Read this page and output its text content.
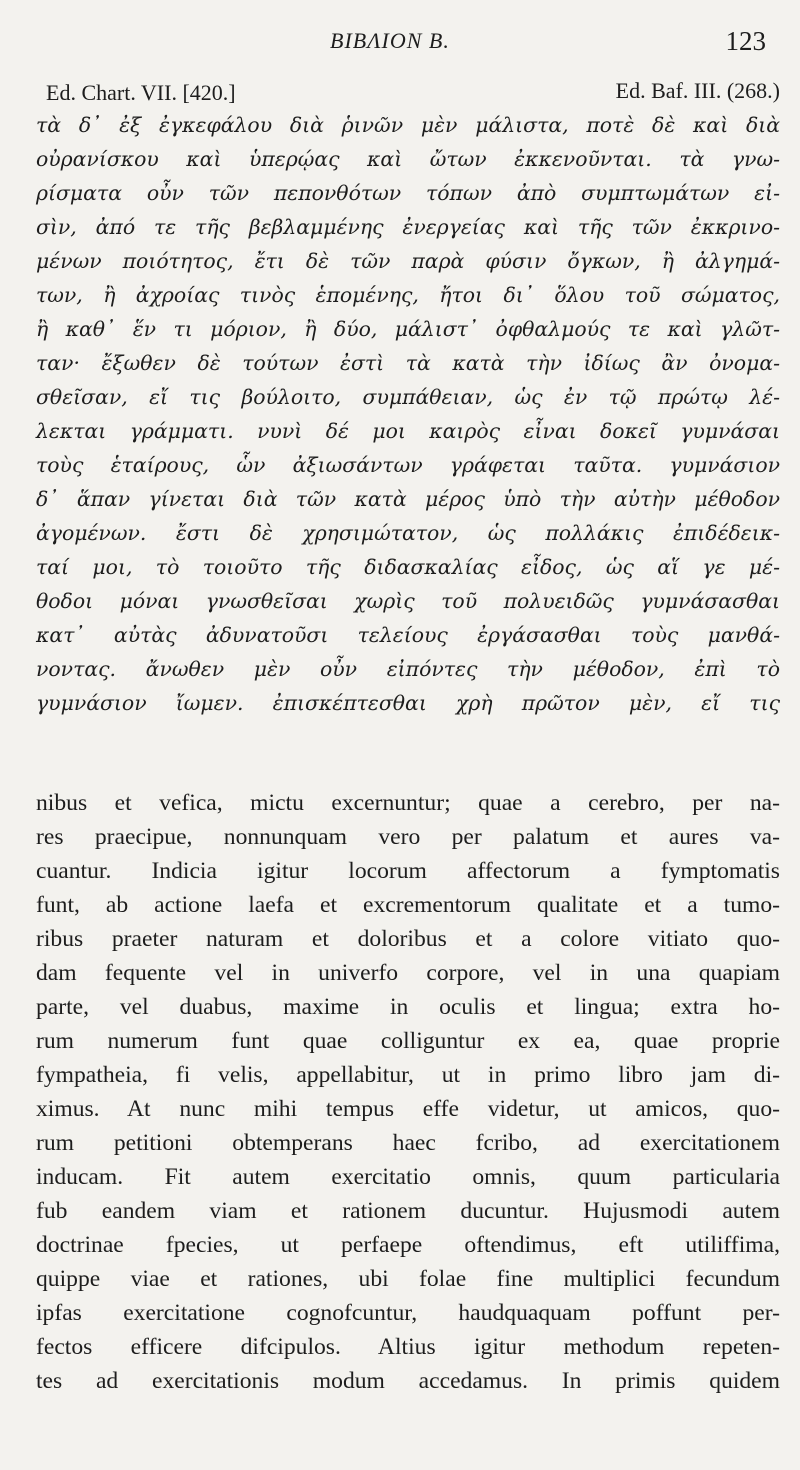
BIBΛΙΟΝ B.	123
Ed. Chart. VII. [420.]	Ed. Baf. III. (268.)
τὰ δ᾽ ἐξ ἐγκεφάλου διὰ ῥινῶν μὲν μάλιστα, ποτὲ δὲ καὶ διὰ
οὐρανίσκου καὶ ὑπερῴας καὶ ὤτων ἐκκενοῦνται. τὰ γνω-
ρίσματα οὖν τῶν πεπονθότων τόπων ἀπὸ συμπτωμάτων εἰ-
σὶν, ἀπό τε τῆς βεβλαμμένης ἐνεργείας καὶ τῆς τῶν ἐκκρινο-
μένων ποιότητος, ἔτι δὲ τῶν παρὰ φύσιν ὄγκων, ἢ ἀλγημά-
των, ἢ ἀχροίας τινὸς ἑπομένης, ἤτοι δι᾽ ὅλου τοῦ σώματος,
ἢ καθ᾽ ἕν τι μόριον, ἢ δύο, μάλιστ᾽ ὀφθαλμούς τε καὶ γλῶτ-
ταν· ἔξωθεν δὲ τούτων ἐστὶ τὰ κατὰ τὴν ἰδίως ἂν ὀνομα-
σθεῖσαν, εἴ τις βούλοιτο, συμπάθειαν, ὡς ἐν τῷ πρώτῳ λέ-
λεκται γράμματι. νυνὶ δέ μοι καιρὸς εἶναι δοκεῖ γυμνάσαι
τοὺς ἑταίρους, ὧν ἀξιωσάντων γράφεται ταῦτα. γυμνάσιον
δ᾽ ἅπαν γίνεται διὰ τῶν κατὰ μέρος ὑπὸ τὴν αὐτὴν μέθοδον
ἀγομένων. ἔστι δὲ χρησιμώτατον, ὡς πολλάκις ἐπιδέδεικ-
ταί μοι, τὸ τοιοῦτο τῆς διδασκαλίας εἶδος, ὡς αἵ γε μέ-
θοδοι μόναι γνωσθεῖσαι χωρὶς τοῦ πολυειδῶς γυμνάσασθαι
κατ᾽ αὐτὰς ἀδυνατοῦσι τελείους ἐργάσασθαι τοὺς μανθά-
νοντας. ἄνωθεν μὲν οὖν εἰπόντες τὴν μέθοδον, ἐπὶ τὸ
γυμνάσιον ἴωμεν. ἐπισκέπτεσθαι χρὴ πρῶτον μὲν, εἴ τις
nibus et vefica, mictu excernuntur; quae a cerebro, per na-
res praecipue, nonnunquam vero per palatum et aures va-
cuantur. Indicia igitur locorum affectorum a fymptomatis
funt, ab actione laefa et excrementorum qualitate et a tumo-
ribus praeter naturam et doloribus et a colore vitiato quo-
dam fequente vel in univerfo corpore, vel in una quapiam
parte, vel duabus, maxime in oculis et lingua; extra ho-
rum numerum funt quae colliguntur ex ea, quae proprie
fympatheia, fi velis, appellabitur, ut in primo libro jam di-
ximus. At nunc mihi tempus effe videtur, ut amicos, quo-
rum petitioni obtemperans haec fcribo, ad exercitationem
inducam. Fit autem exercitatio omnis, quum particularia
fub eandem viam et rationem ducuntur. Hujusmodi autem
doctrinae fpecies, ut perfaepe oftendimus, eft utiliffima,
quippe viae et rationes, ubi folae fine multiplici fecundum
ipfas exercitatione cognofcuntur, haudquaquam poffunt per-
fectos efficere difcipulos. Altius igitur methodum repeten-
tes ad exercitationis modum accedamus. In primis quidem
